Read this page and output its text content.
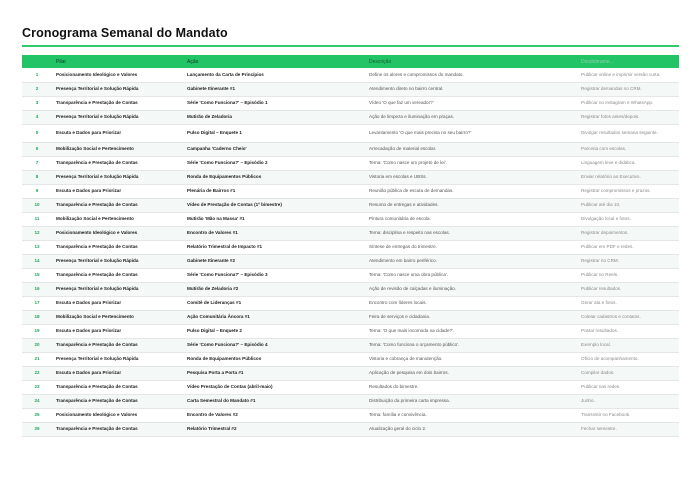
Cronograma Semanal do Mandato
	Pilar	Ação	Descrição	Desdobrame...
1	Posicionamento Ideológico e Valores	Lançamento da Carta de Princípios	Define os alores e compromissos do mandato.	Publicar online e imprimir versão curta.
2	Presença Territorial e Solução Rápida	Gabinete Itinerante #1	Atendimento direto no bairro central.	Registrar demandas no CRM.
3	Transparência e Prestação de Contas	Série 'Como Funciona?' – Episódio 1	Vídeo 'O que faz um vereador?'	Publicar no Instagram e WhatsApp.
4	Presença Territorial e Solução Rápida	Mutirão de Zeladoria	Ação de limpeza e iluminação em praças.	Registrar fotos antes/depois.
5	Escuta e Dados para Priorizar	Pulso Digital – Enquete 1	Levantamento 'O que mais precisa no seu bairro?'	Divulgar resultados semana seguinte.
6	Mobilização Social e Pertencimento	Campanha 'Caderno Cheio'	Arrecadação de material escolar.	Parceria com escolas.
7	Transparência e Prestação de Contas	Série 'Como Funciona?' – Episódio 2	Tema: 'Como nasce um projeto de lei'.	Linguagem leve e didática.
8	Presença Territorial e Solução Rápida	Ronda de Equipamentos Públicos	Vistoria em escolas e UBSs.	Enviar relatório ao Executivo.
9	Escuta e Dados para Priorizar	Plenária de Bairros #1	Reunião pública de escuta de demandas.	Registrar compromissos e prazos.
10	Transparência e Prestação de Contas	Vídeo de Prestação de Contas (1º bimestre)	Resumo de entregas e atividades.	Publicar até dia 10.
11	Mobilização Social e Pertencimento	Mutirão 'Mão na Massa' #1	Pintura comunitária de escola.	Divulgação local e fotos.
12	Posicionamento Ideológico e Valores	Encontro de Valores #1	Tema: disciplina e respeito nas escolas.	Registrar depoimentos.
13	Transparência e Prestação de Contas	Relatório Trimestral de Impacto #1	Síntese de entregas do trimestre.	Publicar em PDF e redes.
14	Presença Territorial e Solução Rápida	Gabinete Itinerante #2	Atendimento em bairro periférico.	Registrar no CRM.
15	Transparência e Prestação de Contas	Série 'Como Funciona?' – Episódio 3	Tema: 'Como nasce uma obra pública'.	Publicar no Reels.
16	Presença Territorial e Solução Rápida	Mutirão de Zeladoria #2	Ação de revisão de calçadas e iluminação.	Publicar resultados.
17	Escuta e Dados para Priorizar	Comitê de Lideranças #1	Encontro com líderes locais.	Gerar ata e fotos.
18	Mobilização Social e Pertencimento	Ação Comunitária Âncora #1	Feira de serviços e cidadania.	Coletar cadastros e contatos.
19	Escuta e Dados para Priorizar	Pulso Digital – Enquete 2	Tema: 'O que mais incomoda na cidade?'.	Postar resultados.
20	Transparência e Prestação de Contas	Série 'Como Funciona?' – Episódio 4	Tema: 'Como funciona o orçamento público'.	Exemplo local.
21	Presença Territorial e Solução Rápida	Ronda de Equipamentos Públicos	Vistoria e cobrança de manutenção.	Ofício de acompanhamento.
22	Escuta e Dados para Priorizar	Pesquisa Porta a Porta #1	Aplicação de pesquisa em dois bairros.	Compilar dados.
23	Transparência e Prestação de Contas	Vídeo Prestação de Contas (abril-maio)	Resultados do bimestre.	Publicar nas redes.
24	Transparência e Prestação de Contas	Carta Semestral do Mandato #1	Distribuição da primeira carta impressa.	Junho.
25	Posicionamento Ideológico e Valores	Encontro de Valores #2	Tema: família e convivência.	Transmitir no Facebook.
26	Transparência e Prestação de Contas	Relatório Trimestral #2	Atualização geral do ciclo 2.	Fechar semestre.
